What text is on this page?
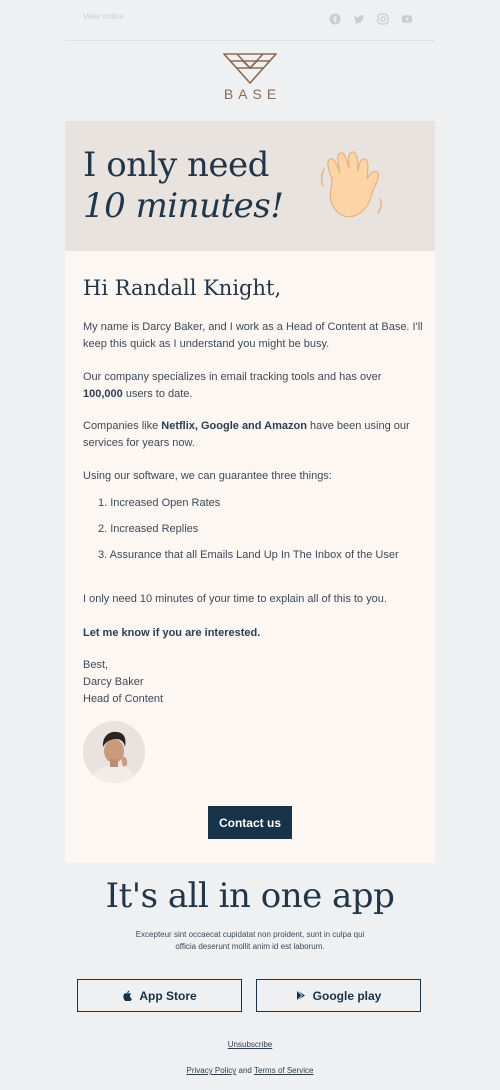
View online
BASE
I only need
10 minutes!
Hi Randall Knight,
My name is Darcy Baker, and I work as a Head of Content at Base. I'll keep this quick as I understand you might be busy.
Our company specializes in email tracking tools and has over 100,000 users to date.
Companies like Netflix, Google and Amazon have been using our services for years now.
Using our software, we can guarantee three things:
1. Increased Open Rates
2. Increased Replies
3. Assurance that all Emails Land Up In The Inbox of the User
I only need 10 minutes of your time to explain all of this to you.
Let me know if you are interested.
Best,
Darcy Baker
Head of Content
Contact us
It's all in one app
Excepteur sint occaecat cupidatat non proident, sunt in culpa qui officia deserunt mollit anim id est laborum.
App Store	Google play
Unsubscribe
Privacy Policy and Terms of Service
